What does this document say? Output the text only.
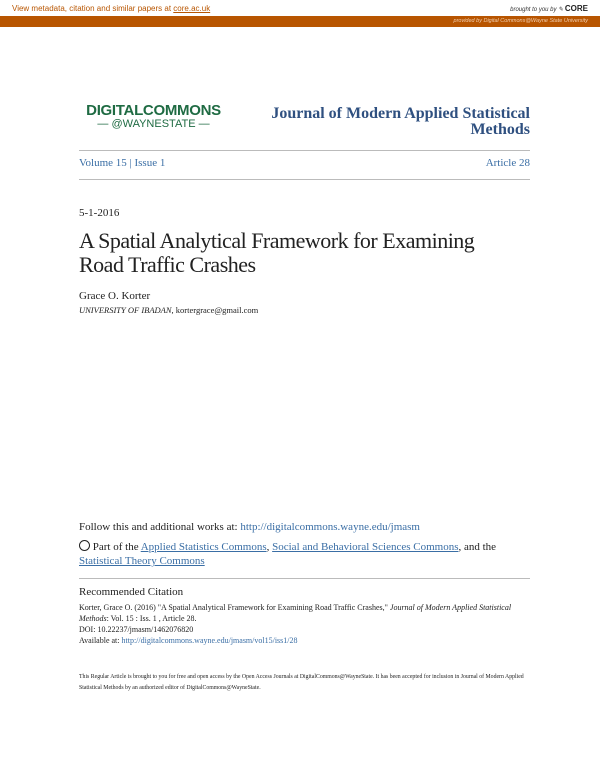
View metadata, citation and similar papers at core.ac.uk	brought to you by ✎ CORE
provided by Digital Commons@Wayne State University
DIGITALCOMMONS
— @WAYNESTATE —
Journal of Modern Applied Statistical Methods
Volume 15 | Issue 1	Article 28
5-1-2016
A Spatial Analytical Framework for Examining Road Traffic Crashes
Grace O. Korter
UNIVERSITY OF IBADAN, kortergrace@gmail.com
Follow this and additional works at: http://digitalcommons.wayne.edu/jmasm
Part of the Applied Statistics Commons, Social and Behavioral Sciences Commons, and the
Statistical Theory Commons
Recommended Citation
Korter, Grace O. (2016) "A Spatial Analytical Framework for Examining Road Traffic Crashes," Journal of Modern Applied Statistical Methods: Vol. 15 : Iss. 1 , Article 28.
DOI: 10.22237/jmasm/1462076820
Available at: http://digitalcommons.wayne.edu/jmasm/vol15/iss1/28
This Regular Article is brought to you for free and open access by the Open Access Journals at DigitalCommons@WayneState. It has been accepted for inclusion in Journal of Modern Applied Statistical Methods by an authorized editor of DigitalCommons@WayneState.
